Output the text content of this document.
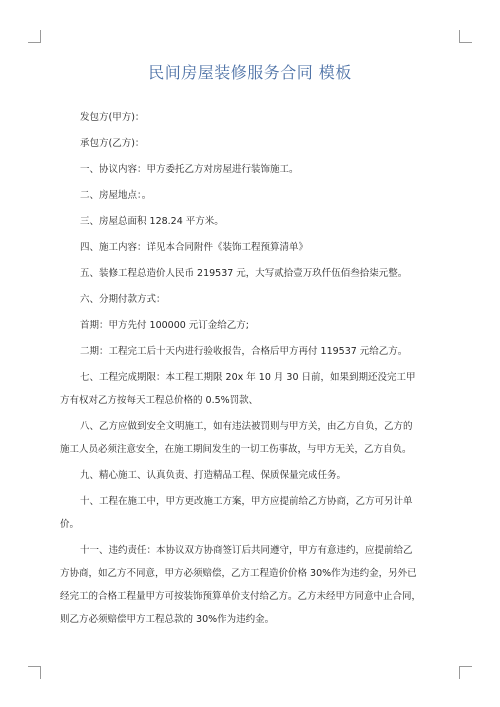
民间房屋装修服务合同 模板

发包方(甲方)：

承包方(乙方)：

一、协议内容：甲方委托乙方对房屋进行装饰施工。

二、房屋地点：。

三、房屋总面积 128.24 平方米。

四、施工内容：详见本合同附件《装饰工程预算清单》

五、装修工程总造价人民币 219537 元，大写贰拾壹万玖仟伍佰叁拾柒元整。

六、分期付款方式：

首期：甲方先付 100000 元订金给乙方;

二期：工程完工后十天内进行验收报告，合格后甲方再付 119537 元给乙方。

七、工程完成期限：本工程工期限 20x 年 10 月 30 日前，如果到期还没完工甲

方有权对乙方按每天工程总价格的 0.5%罚款、

八、乙方应做到安全文明施工，如有违法被罚则与甲方关，由乙方自负，乙方的

施工人员必须注意安全，在施工期间发生的一切工伤事故，与甲方无关，乙方自负。

九、精心施工、认真负责、打造精品工程、保质保量完成任务。

十、工程在施工中，甲方更改施工方案，甲方应提前给乙方协商，乙方可另计单

价。

十一、违约责任：本协议双方协商签订后共同遵守，甲方有意违约，应提前给乙

方协商，如乙方不同意，甲方必须赔偿，乙方工程造价价格 30%作为违约金，另外已

经完工的合格工程量甲方可按装饰预算单价支付给乙方。乙方未经甲方同意中止合同，

则乙方必须赔偿甲方工程总款的 30%作为违约金。
